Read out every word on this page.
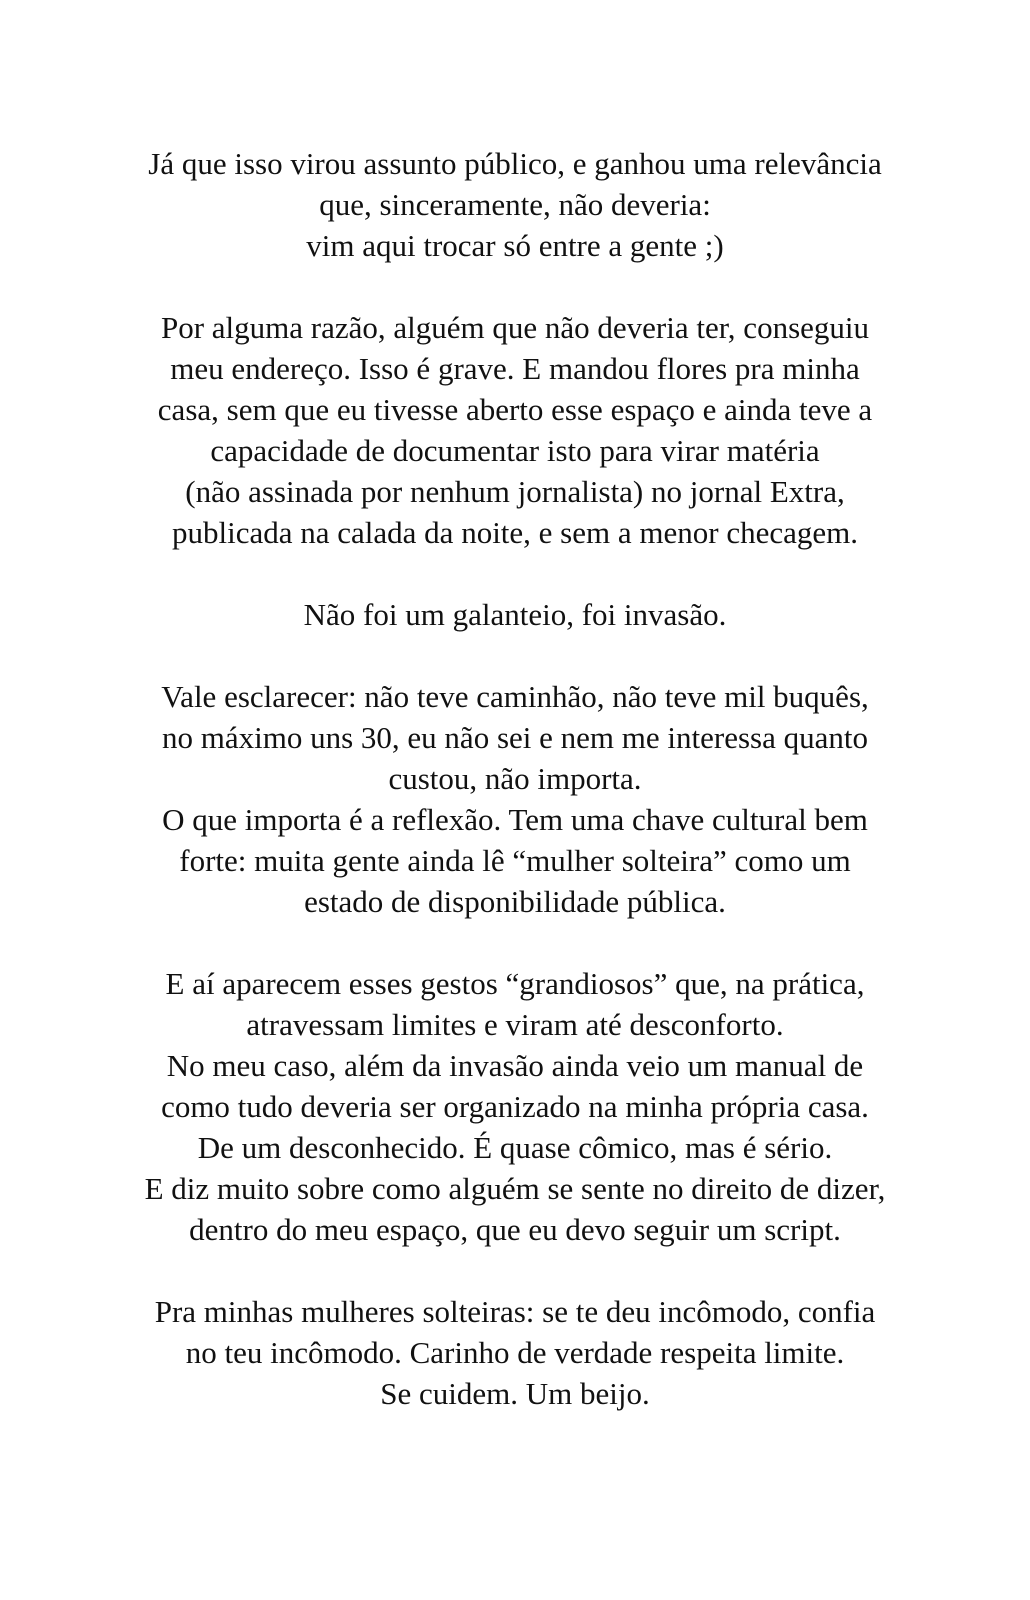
Já que isso virou assunto público, e ganhou uma relevância
que, sinceramente, não deveria:
vim aqui trocar só entre a gente ;)

Por alguma razão, alguém que não deveria ter, conseguiu
meu endereço. Isso é grave. E mandou flores pra minha
casa, sem que eu tivesse aberto esse espaço e ainda teve a
capacidade de documentar isto para virar matéria
(não assinada por nenhum jornalista) no jornal Extra,
publicada na calada da noite, e sem a menor checagem.

Não foi um galanteio, foi invasão.

Vale esclarecer: não teve caminhão, não teve mil buquês,
no máximo uns 30, eu não sei e nem me interessa quanto
custou, não importa.
O que importa é a reflexão. Tem uma chave cultural bem
forte: muita gente ainda lê “mulher solteira” como um
estado de disponibilidade pública.

E aí aparecem esses gestos “grandiosos” que, na prática,
atravessam limites e viram até desconforto.
No meu caso, além da invasão ainda veio um manual de
como tudo deveria ser organizado na minha própria casa.
De um desconhecido. É quase cômico, mas é sério.
E diz muito sobre como alguém se sente no direito de dizer,
dentro do meu espaço, que eu devo seguir um script.

Pra minhas mulheres solteiras: se te deu incômodo, confia
no teu incômodo. Carinho de verdade respeita limite.
Se cuidem. Um beijo.
